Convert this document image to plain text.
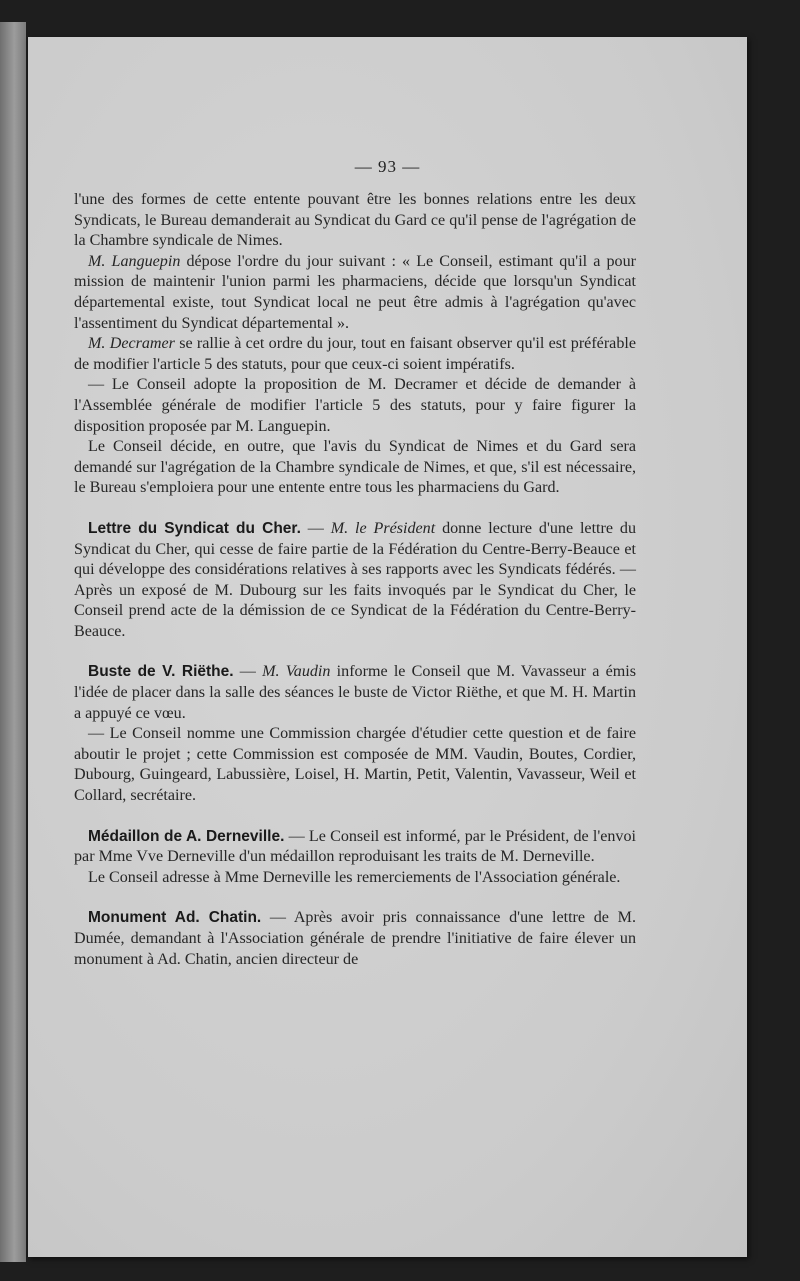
— 93 —

l'une des formes de cette entente pouvant être les bonnes relations entre les deux Syndicats, le Bureau demanderait au Syndicat du Gard ce qu'il pense de l'agrégation de la Chambre syndicale de Nimes.

M. Languepin dépose l'ordre du jour suivant : « Le Conseil, estimant qu'il a pour mission de maintenir l'union parmi les pharmaciens, décide que lorsqu'un Syndicat départemental existe, tout Syndicat local ne peut être admis à l'agrégation qu'avec l'assentiment du Syndicat départemental ».

M. Decramer se rallie à cet ordre du jour, tout en faisant observer qu'il est préférable de modifier l'article 5 des statuts, pour que ceux-ci soient impératifs.

— Le Conseil adopte la proposition de M. Decramer et décide de demander à l'Assemblée générale de modifier l'article 5 des statuts, pour y faire figurer la disposition proposée par M. Languepin.

Le Conseil décide, en outre, que l'avis du Syndicat de Nimes et du Gard sera demandé sur l'agrégation de la Chambre syndicale de Nimes, et que, s'il est nécessaire, le Bureau s'emploiera pour une entente entre tous les pharmaciens du Gard.

Lettre du Syndicat du Cher. — M. le Président donne lecture d'une lettre du Syndicat du Cher, qui cesse de faire partie de la Fédération du Centre-Berry-Beauce et qui développe des considérations relatives à ses rapports avec les Syndicats fédérés. — Après un exposé de M. Dubourg sur les faits invoqués par le Syndicat du Cher, le Conseil prend acte de la démission de ce Syndicat de la Fédération du Centre-Berry-Beauce.

Buste de V. Riëthe. — M. Vaudin informe le Conseil que M. Vavasseur a émis l'idée de placer dans la salle des séances le buste de Victor Riëthe, et que M. H. Martin a appuyé ce vœu.

— Le Conseil nomme une Commission chargée d'étudier cette question et de faire aboutir le projet ; cette Commission est composée de MM. Vaudin, Boutes, Cordier, Dubourg, Guingeard, Labussière, Loisel, H. Martin, Petit, Valentin, Vavasseur, Weil et Collard, secrétaire.

Médaillon de A. Derneville. — Le Conseil est informé, par le Président, de l'envoi par Mme Vve Derneville d'un médaillon reproduisant les traits de M. Derneville.

Le Conseil adresse à Mme Derneville les remerciements de l'Association générale.

Monument Ad. Chatin. — Après avoir pris connaissance d'une lettre de M. Dumée, demandant à l'Association générale de prendre l'initiative de faire élever un monument à Ad. Chatin, ancien directeur de
